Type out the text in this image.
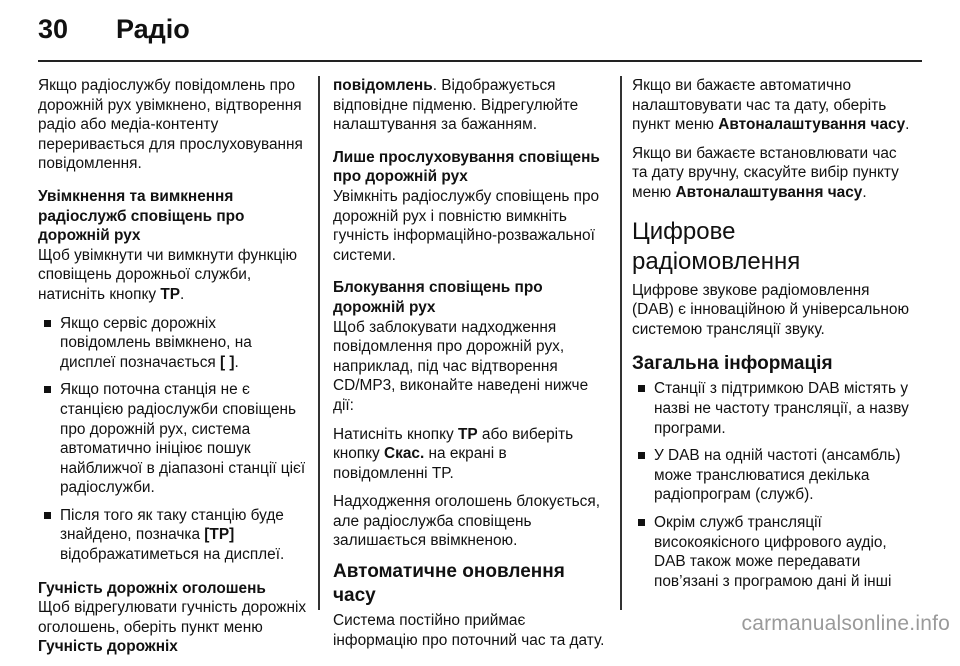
30 Радіо

Якщо радіослужбу повідомлень про дорожній рух увімкнено, відтворення радіо або медіа-контенту переривається для прослуховування повідомлення.

Увімкнення та вимкнення радіослужб сповіщень про дорожній рух

Щоб увімкнути чи вимкнути функцію сповіщень дорожньої служби, натисніть кнопку TP.

Якщо сервіс дорожніх повідомлень ввімкнено, на дисплеї позначається [ ].
Якщо поточна станція не є станцією радіослужби сповіщень про дорожній рух, система автоматично ініціює пошук найближчої в діапазоні станції цієї радіослужби.
Після того як таку станцію буде знайдено, позначка [TP] відображатиметься на дисплеї.
Гучність дорожніх оголошень

Щоб відрегулювати гучність дорожніх оголошень, оберіть пункт меню Гучність дорожніх

повідомлень. Відображується відповідне підменю. Відрегулюйте налаштування за бажанням.

Лише прослуховування сповіщень про дорожній рух

Увімкніть радіослужбу сповіщень про дорожній рух і повністю вимкніть гучність інформаційно-розважальної системи.

Блокування сповіщень про дорожній рух

Щоб заблокувати надходження повідомлення про дорожній рух, наприклад, під час відтворення CD/MP3, виконайте наведені нижче дії:

Натисніть кнопку TP або виберіть кнопку Скас. на екрані в повідомленні TP.

Надходження оголошень блокується, але радіослужба сповіщень залишається ввімкненою.

Автоматичне оновлення часу

Система постійно приймає інформацію про поточний час та дату.

Якщо ви бажаєте автоматично налаштовувати час та дату, оберіть пункт меню Автоналаштування часу.

Якщо ви бажаєте встановлювати час та дату вручну, скасуйте вибір пункту меню Автоналаштування часу.

Цифрове радіомовлення

Цифрове звукове радіомовлення (DAB) є інноваційною й універсальною системою трансляції звуку.

Загальна інформація
Станції з підтримкою DAB містять у назві не частоту трансляції, а назву програми.
У DAB на одній частоті (ансамбль) може транслюватися декілька радіопрограм (служб).
Окрім служб трансляції високоякісного цифрового аудіо, DAB також може передавати пов’язані з програмою дані й інші
carmanualsonline.info
